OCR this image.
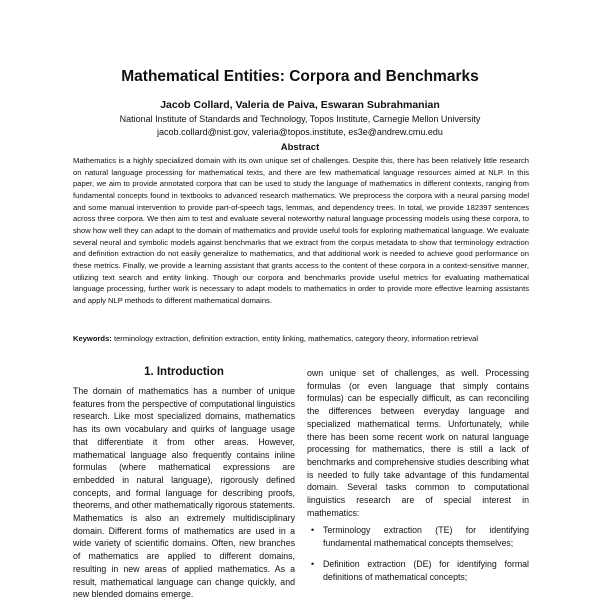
Mathematical Entities: Corpora and Benchmarks
Jacob Collard, Valeria de Paiva, Eswaran Subrahmanian
National Institute of Standards and Technology, Topos Institute, Carnegie Mellon University
jacob.collard@nist.gov, valeria@topos.institute, es3e@andrew.cmu.edu
Abstract

Mathematics is a highly specialized domain with its own unique set of challenges. Despite this, there has been relatively little research on natural language processing for mathematical texts, and there are few mathematical language resources aimed at NLP. In this paper, we aim to provide annotated corpora that can be used to study the language of mathematics in different contexts, ranging from fundamental concepts found in textbooks to advanced research mathematics. We preprocess the corpora with a neural parsing model and some manual intervention to provide part-of-speech tags, lemmas, and dependency trees. In total, we provide 182397 sentences across three corpora. We then aim to test and evaluate several noteworthy natural language processing models using these corpora, to show how well they can adapt to the domain of mathematics and provide useful tools for exploring mathematical language. We evaluate several neural and symbolic models against benchmarks that we extract from the corpus metadata to show that terminology extraction and definition extraction do not easily generalize to mathematics, and that additional work is needed to achieve good performance on these metrics. Finally, we provide a learning assistant that grants access to the content of these corpora in a context-sensitive manner, utilizing text search and entity linking. Though our corpora and benchmarks provide useful metrics for evaluating mathematical language processing, further work is necessary to adapt models to mathematics in order to provide more effective learning assistants and apply NLP methods to different mathematical domains.

Keywords: terminology extraction, definition extraction, entity linking, mathematics, category theory, information retrieval

1. Introduction

The domain of mathematics has a number of unique features from the perspective of computational linguistics research. Like most specialized domains, mathematics has its own vocabulary and quirks of language usage that differentiate it from other areas. However, mathematical language also frequently contains inline formulas (where mathematical expressions are embedded in natural language), rigorously defined concepts, and formal language for describing proofs, theorems, and other mathematically rigorous statements. Mathematics is also an extremely multidisciplinary domain. Different forms of mathematics are used in a wide variety of scientific domains. Often, new branches of mathematics are applied to different domains, resulting in new areas of applied mathematics. As a result, mathematical language can change quickly, and new blended domains emerge.

own unique set of challenges, as well. Processing formulas (or even language that simply contains formulas) can be especially difficult, as can reconciling the differences between everyday language and specialized mathematical terms. Unfortunately, while there has been some recent work on natural language processing for mathematics, there is still a lack of benchmarks and comprehensive studies describing what is needed to fully take advantage of this fundamental domain. Several tasks common to computational linguistics research are of special interest in mathematics:

• Terminology extraction (TE) for identifying fundamental mathematical concepts themselves;

• Definition extraction (DE) for identifying formal definitions of mathematical concepts;
